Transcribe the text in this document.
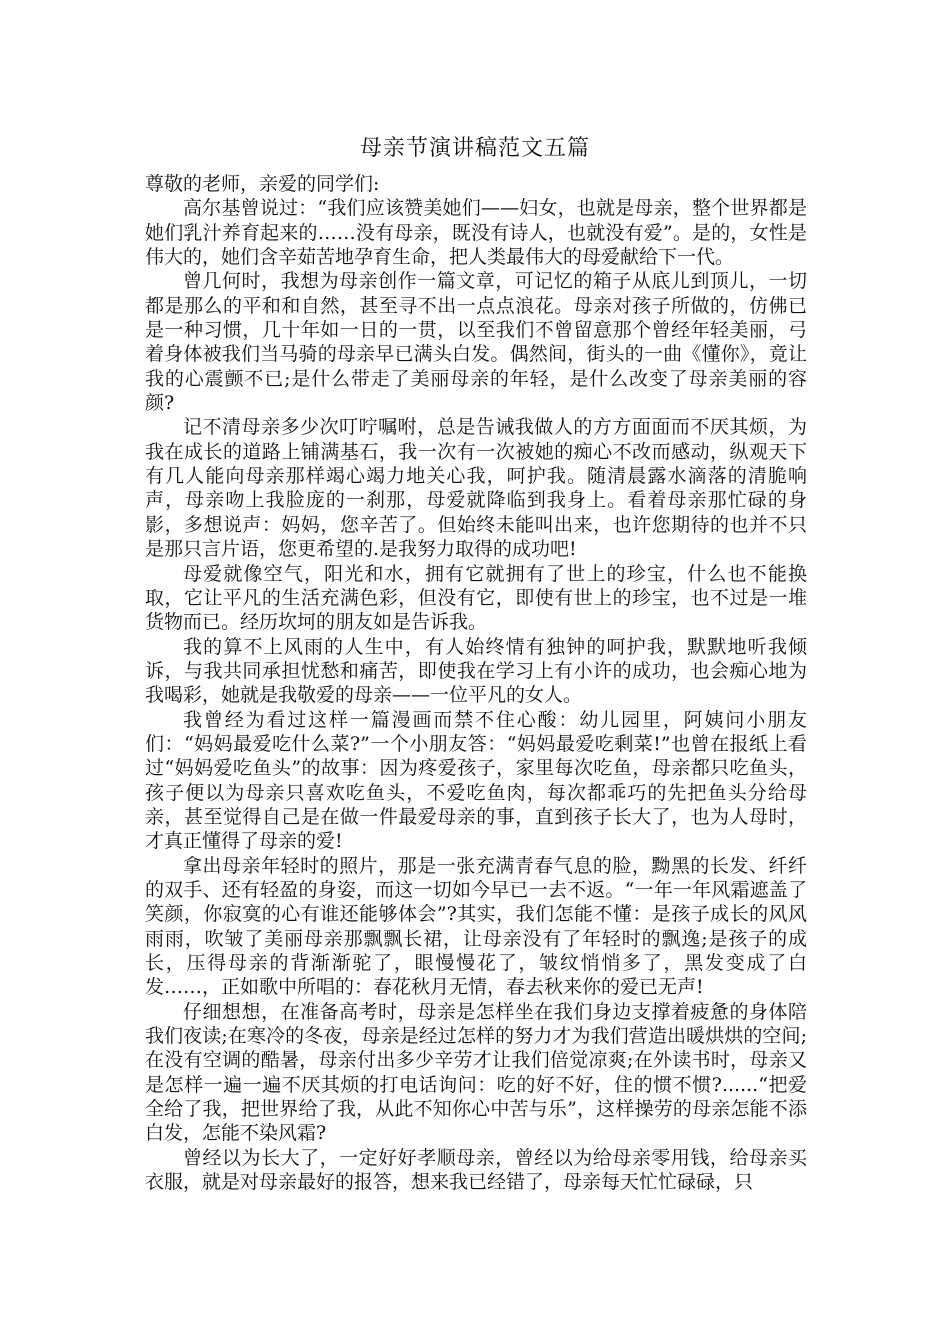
母亲节演讲稿范文五篇

尊敬的老师，亲爱的同学们:

高尔基曾说过：“我们应该赞美她们——妇女，也就是母亲，整个世界都是她们乳汁养育起来的……没有母亲，既没有诗人，也就没有爱”。是的，女性是伟大的，她们含辛茹苦地孕育生命，把人类最伟大的母爱献给下一代。

曾几何时，我想为母亲创作一篇文章，可记忆的箱子从底儿到顶儿，一切都是那么的平和和自然，甚至寻不出一点点浪花。母亲对孩子所做的，仿佛已是一种习惯，几十年如一日的一贯，以至我们不曾留意那个曾经年轻美丽，弓着身体被我们当马骑的母亲早已满头白发。偶然间，街头的一曲《懂你》，竟让我的心震颤不已;是什么带走了美丽母亲的年轻，是什么改变了母亲美丽的容颜?

记不清母亲多少次叮咛嘱咐，总是告诫我做人的方方面面而不厌其烦，为我在成长的道路上铺满基石，我一次有一次被她的痴心不改而感动，纵观天下有几人能向母亲那样竭心竭力地关心我，呵护我。随清晨露水滴落的清脆响声，母亲吻上我脸庞的一刹那，母爱就降临到我身上。看着母亲那忙碌的身影，多想说声：妈妈，您辛苦了。但始终未能叫出来，也许您期待的也并不只是那只言片语，您更希望的.是我努力取得的成功吧!

母爱就像空气，阳光和水，拥有它就拥有了世上的珍宝，什么也不能换取，它让平凡的生活充满色彩，但没有它，即使有世上的珍宝，也不过是一堆货物而已。经历坎坷的朋友如是告诉我。

我的算不上风雨的人生中，有人始终情有独钟的呵护我，默默地听我倾诉，与我共同承担忧愁和痛苦，即使我在学习上有小许的成功，也会痴心地为我喝彩，她就是我敬爱的母亲——一位平凡的女人。

我曾经为看过这样一篇漫画而禁不住心酸：幼儿园里，阿姨问小朋友们：“妈妈最爱吃什么菜?”一个小朋友答：“妈妈最爱吃剩菜!”也曾在报纸上看过“妈妈爱吃鱼头”的故事：因为疼爱孩子，家里每次吃鱼，母亲都只吃鱼头，孩子便以为母亲只喜欢吃鱼头，不爱吃鱼肉，每次都乖巧的先把鱼头分给母亲，甚至觉得自己是在做一件最爱母亲的事，直到孩子长大了，也为人母时，才真正懂得了母亲的爱!

拿出母亲年轻时的照片，那是一张充满青春气息的脸，黝黑的长发、纤纤的双手、还有轻盈的身姿，而这一切如今早已一去不返。“一年一年风霜遮盖了笑颜，你寂寞的心有谁还能够体会”?其实，我们怎能不懂：是孩子成长的风风雨雨，吹皱了美丽母亲那飘飘长裙，让母亲没有了年轻时的飘逸;是孩子的成长，压得母亲的背渐渐驼了，眼慢慢花了，皱纹悄悄多了，黑发变成了白发……，正如歌中所唱的：春花秋月无情，春去秋来你的爱已无声!

仔细想想，在准备高考时，母亲是怎样坐在我们身边支撑着疲惫的身体陪我们夜读;在寒冷的冬夜，母亲是经过怎样的努力才为我们营造出暖烘烘的空间;在没有空调的酷暑，母亲付出多少辛劳才让我们倍觉凉爽;在外读书时，母亲又是怎样一遍一遍不厌其烦的打电话询问：吃的好不好，住的惯不惯?......“把爱全给了我，把世界给了我，从此不知你心中苦与乐”，这样操劳的母亲怎能不添白发，怎能不染风霜?

曾经以为长大了，一定好好孝顺母亲，曾经以为给母亲零用钱，给母亲买衣服，就是对母亲最好的报答，想来我已经错了，母亲每天忙忙碌碌，只
